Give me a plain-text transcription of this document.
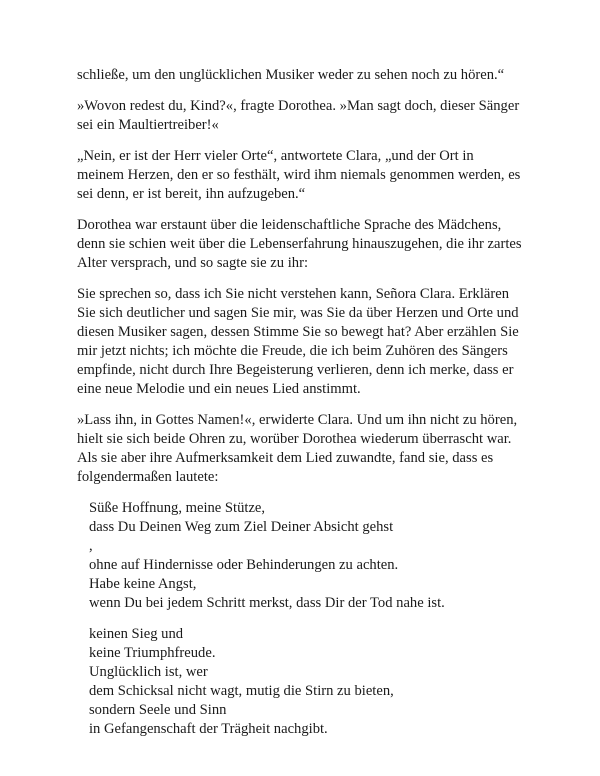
schließe, um den unglücklichen Musiker weder zu sehen noch zu hören.“

»Wovon redest du, Kind?«, fragte Dorothea. »Man sagt doch, dieser Sänger
sei ein Maultiertreiber!«

„Nein, er ist der Herr vieler Orte“, antwortete Clara, „und der Ort in
meinem Herzen, den er so festhält, wird ihm niemals genommen werden, es
sei denn, er ist bereit, ihn aufzugeben.“

Dorothea war erstaunt über die leidenschaftliche Sprache des Mädchens,
denn sie schien weit über die Lebenserfahrung hinauszugehen, die ihr zartes
Alter versprach, und so sagte sie zu ihr:

Sie sprechen so, dass ich Sie nicht verstehen kann, Señora Clara. Erklären
Sie sich deutlicher und sagen Sie mir, was Sie da über Herzen und Orte und
diesen Musiker sagen, dessen Stimme Sie so bewegt hat? Aber erzählen Sie
mir jetzt nichts; ich möchte die Freude, die ich beim Zuhören des Sängers
empfinde, nicht durch Ihre Begeisterung verlieren, denn ich merke, dass er
eine neue Melodie und ein neues Lied anstimmt.

»Lass ihn, in Gottes Namen!«, erwiderte Clara. Und um ihn nicht zu hören,
hielt sie sich beide Ohren zu, worüber Dorothea wiederum überrascht war.
Als sie aber ihre Aufmerksamkeit dem Lied zuwandte, fand sie, dass es
folgendermaßen lautete:

Süße Hoffnung, meine Stütze,
dass Du Deinen Weg zum Ziel Deiner Absicht gehst
,
ohne auf Hindernisse oder Behinderungen zu achten.
Habe keine Angst,
wenn Du bei jedem Schritt merkst, dass Dir der Tod nahe ist.
keinen Sieg und
keine Triumphfreude.
Unglücklich ist, wer
dem Schicksal nicht wagt, mutig die Stirn zu bieten,
sondern Seele und Sinn
in Gefangenschaft der Trägheit nachgibt.
